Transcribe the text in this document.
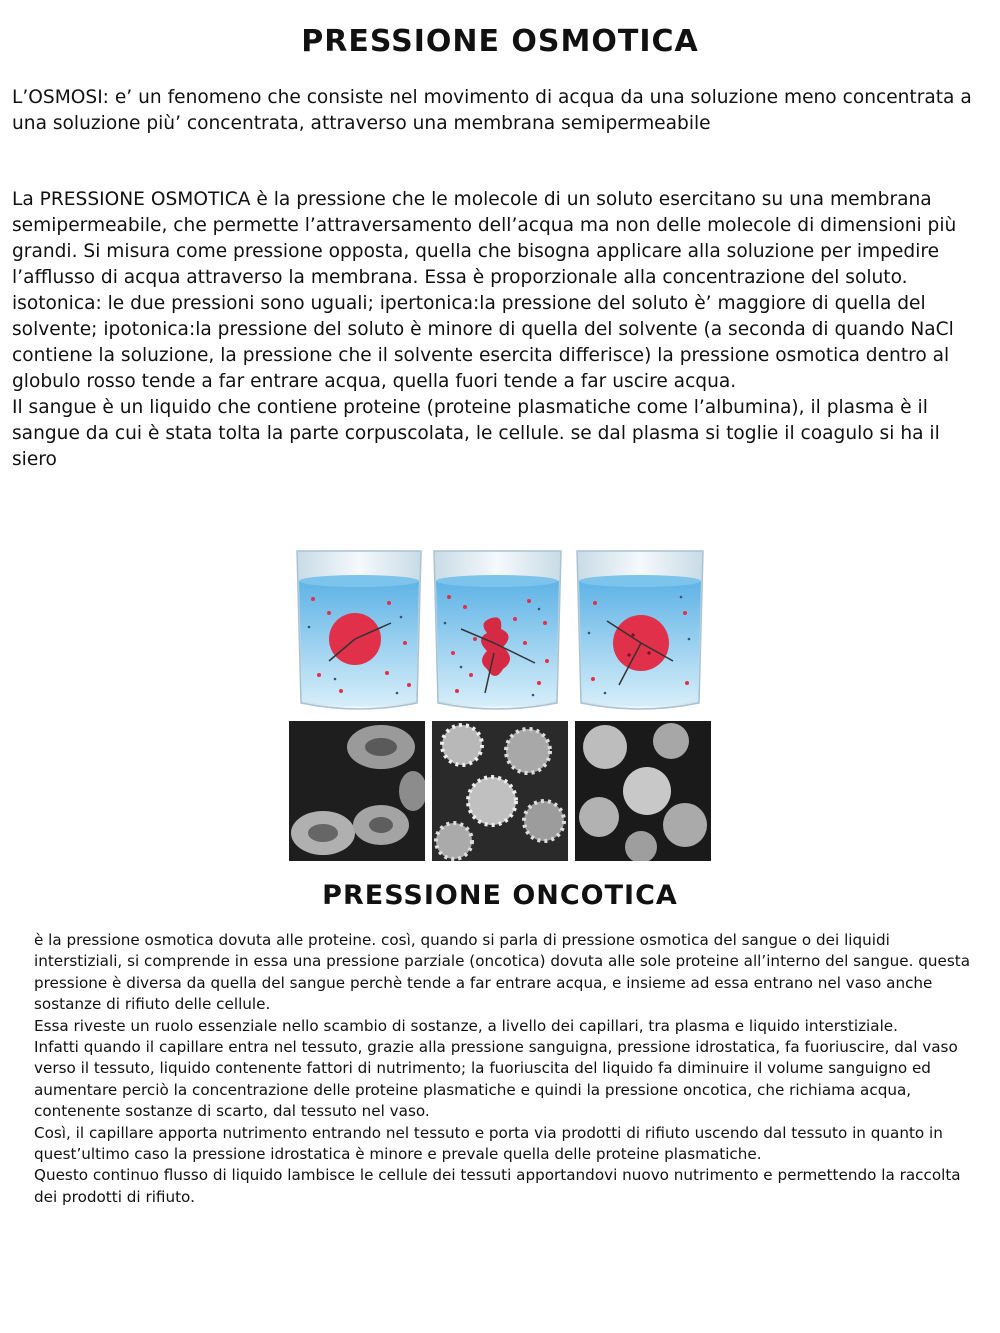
PRESSIONE OSMOTICA

L’OSMOSI: e’ un fenomeno che consiste nel movimento di acqua da una soluzione meno concentrata a una soluzione più’ concentrata, attraverso una membrana semipermeabile

La PRESSIONE OSMOTICA è la pressione che le molecole di un soluto esercitano su una membrana semipermeabile, che permette l’attraversamento dell’acqua ma non delle molecole di dimensioni più grandi. Si misura come pressione opposta, quella che bisogna applicare alla soluzione per impedire l’afflusso di acqua attraverso la membrana. Essa è proporzionale alla concentrazione del soluto. isotonica: le due pressioni sono uguali; ipertonica:la pressione del soluto è’ maggiore di quella del solvente; ipotonica:la pressione del soluto è minore di quella del solvente (a seconda di quando NaCl contiene la soluzione, la pressione che il solvente esercita differisce) la pressione osmotica dentro al globulo rosso tende a far entrare acqua, quella fuori tende a far uscire acqua.

Il sangue è un liquido che contiene proteine (proteine plasmatiche come l’albumina), il plasma è il sangue da cui è stata tolta la parte corpuscolata, le cellule. se dal plasma si toglie il coagulo si ha il siero

PRESSIONE ONCOTICA

è la pressione osmotica dovuta alle proteine. così, quando si parla di pressione osmotica del sangue o dei liquidi interstiziali, si comprende in essa una pressione parziale (oncotica) dovuta alle sole proteine all’interno del sangue. questa pressione è diversa da quella del sangue perchè tende a far entrare acqua, e insieme ad essa entrano nel vaso anche sostanze di rifiuto delle cellule.

Essa riveste un ruolo essenziale nello scambio di sostanze, a livello dei capillari, tra plasma e liquido interstiziale.

Infatti quando il capillare entra nel tessuto, grazie alla pressione sanguigna, pressione idrostatica, fa fuoriuscire, dal vaso verso il tessuto, liquido contenente fattori di nutrimento; la fuoriuscita del liquido fa diminuire il volume sanguigno ed aumentare perciò la concentrazione delle proteine plasmatiche e quindi la pressione oncotica, che richiama acqua, contenente sostanze di scarto, dal tessuto nel vaso.

Così, il capillare apporta nutrimento entrando nel tessuto e porta via prodotti di rifiuto uscendo dal tessuto in quanto in quest’ultimo caso la pressione idrostatica è minore e prevale quella delle proteine plasmatiche.

Questo continuo flusso di liquido lambisce le cellule dei tessuti apportandovi nuovo nutrimento e permettendo la raccolta dei prodotti di rifiuto.
